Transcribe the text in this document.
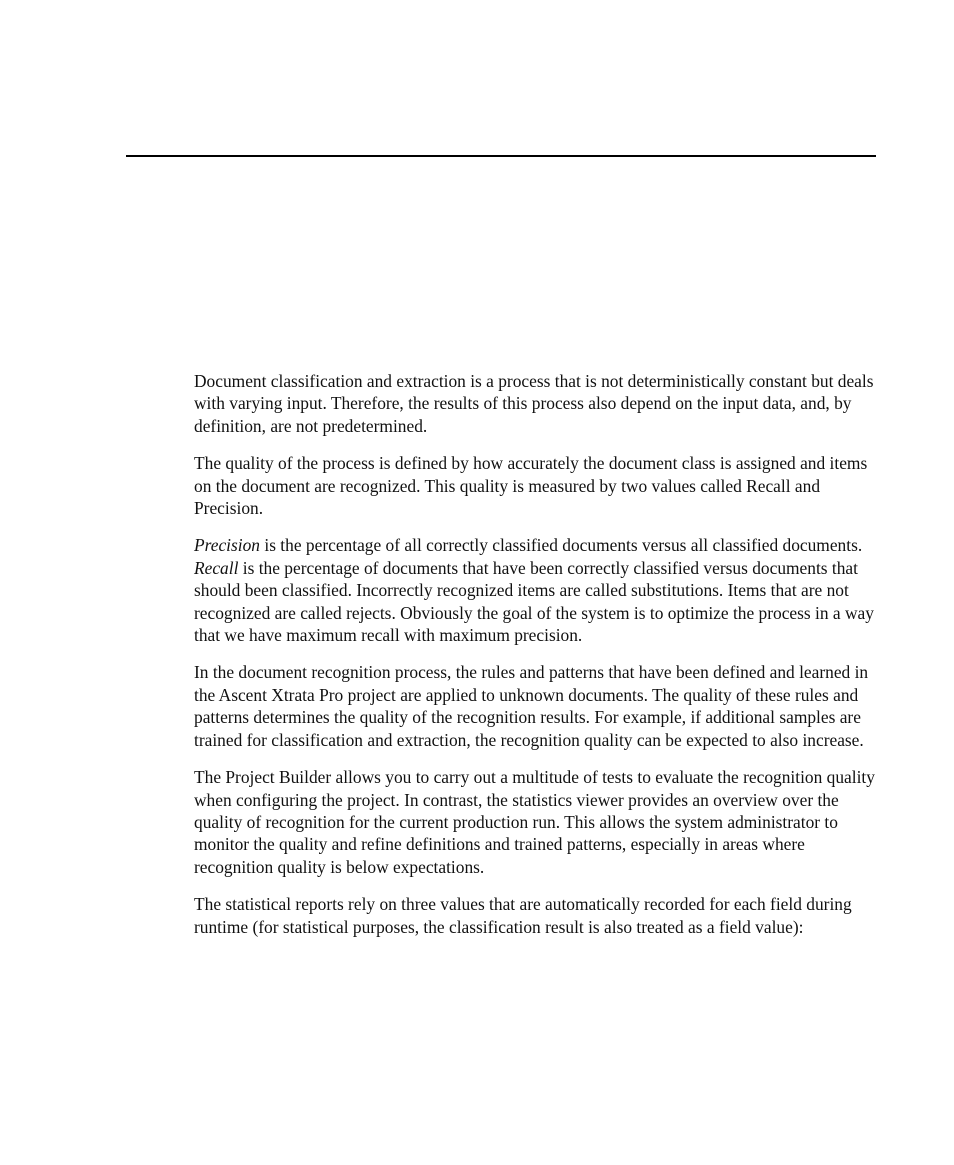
Document classification and extraction is a process that is not deterministically constant but deals with varying input. Therefore, the results of this process also depend on the input data, and, by definition, are not predetermined.

The quality of the process is defined by how accurately the document class is assigned and items on the document are recognized. This quality is measured by two values called Recall and Precision.

Precision is the percentage of all correctly classified documents versus all classified documents. Recall is the percentage of documents that have been correctly classified versus documents that should been classified. Incorrectly recognized items are called substitutions. Items that are not recognized are called rejects. Obviously the goal of the system is to optimize the process in a way that we have maximum recall with maximum precision.

In the document recognition process, the rules and patterns that have been defined and learned in the Ascent Xtrata Pro project are applied to unknown documents. The quality of these rules and patterns determines the quality of the recognition results. For example, if additional samples are trained for classification and extraction, the recognition quality can be expected to also increase.

The Project Builder allows you to carry out a multitude of tests to evaluate the recognition quality when configuring the project. In contrast, the statistics viewer provides an overview over the quality of recognition for the current production run. This allows the system administrator to monitor the quality and refine definitions and trained patterns, especially in areas where recognition quality is below expectations.

The statistical reports rely on three values that are automatically recorded for each field during runtime (for statistical purposes, the classification result is also treated as a field value):
